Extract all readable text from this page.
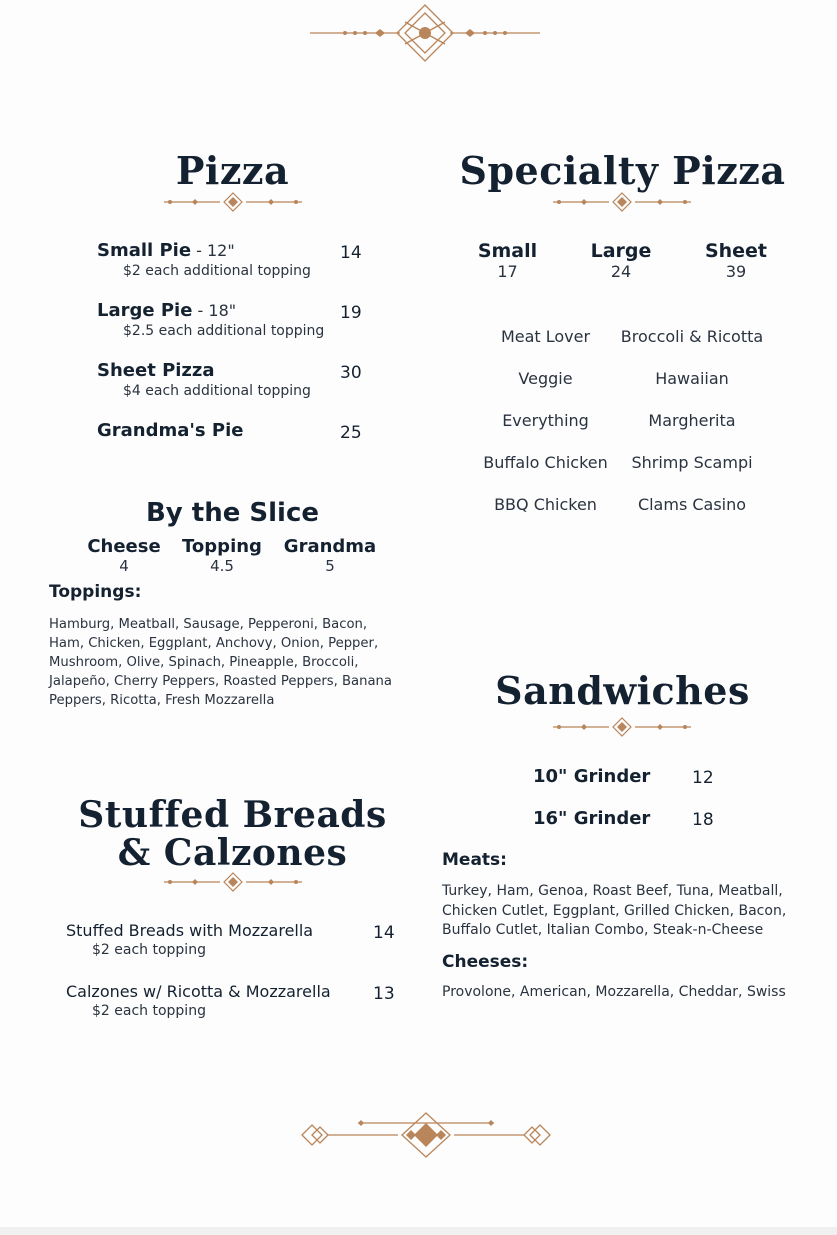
Pizza
Small Pie - 12"
$2 each additional topping
14
Large Pie - 18"
$2.5 each additional topping
19
Sheet Pizza
$4 each additional topping
30
Grandma's Pie	25
By the Slice
Cheese
4
Topping
4.5
Grandma
5
Toppings:
Hamburg, Meatball, Sausage, Pepperoni, Bacon,
Ham, Chicken, Eggplant, Anchovy, Onion, Pepper,
Mushroom, Olive, Spinach, Pineapple, Broccoli,
Jalapeño, Cherry Peppers, Roasted Peppers, Banana
Peppers, Ricotta, Fresh Mozzarella
Specialty Pizza
Small
17
Large
24
Sheet
39
Meat Lover
Veggie
Everything
Buffalo Chicken
BBQ Chicken
Broccoli & Ricotta
Hawaiian
Margherita
Shrimp Scampi
Clams Casino
Sandwiches
10" Grinder 12
16" Grinder 18
Meats:
Turkey, Ham, Genoa, Roast Beef, Tuna, Meatball,
Chicken Cutlet, Eggplant, Grilled Chicken, Bacon,
Buffalo Cutlet, Italian Combo, Steak-n-Cheese
Cheeses:
Provolone, American, Mozzarella, Cheddar, Swiss
Stuffed Breads
& Calzones
Stuffed Breads with Mozzarella
$2 each topping
14
Calzones w/ Ricotta & Mozzarella
$2 each topping
13
